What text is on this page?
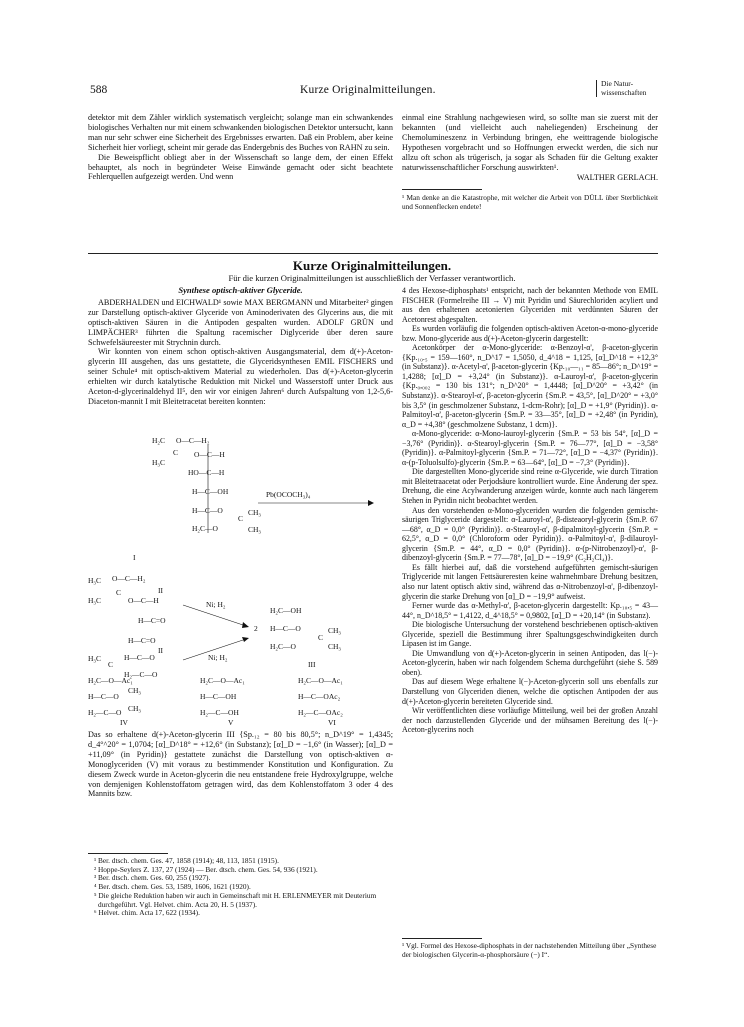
588	Kurze Originalmitteilungen.
Die Natur-
wissenschaften

detektor mit dem Zähler wirklich systematisch vergleicht; solange man ein schwankendes biologisches Verhalten nur mit einem schwankenden biologischen Detektor untersucht, kann man nur sehr schwer eine Sicherheit des Ergebnisses erwarten. Daß ein Problem, aber keine Sicherheit hier vorliegt, scheint mir gerade das Endergebnis des Buches von RAHN zu sein.

Die Beweispflicht obliegt aber in der Wissenschaft so lange dem, der einen Effekt behauptet, als noch in begründeter Weise Einwände gemacht oder sicht beachtete Fehlerquellen aufgezeigt werden. Und wenn

einmal eine Strahlung nachgewiesen wird, so sollte man sie zuerst mit der bekannten (und vielleicht auch naheliegenden) Erscheinung der Chemolumineszenz in Verbindung bringen, ehe weittragende biologische Hypothesen vorgebracht und so Hoffnungen erweckt werden, die sich nur allzu oft schon als trügerisch, ja sogar als Schaden für die Geltung exakter naturwissenschaftlicher Forschung auswirkten¹.

WALTHER GERLACH.
¹ Man denke an die Katastrophe, mit welcher die Arbeit von DÜLL über Sterblichkeit und Sonnenflecken endete!
Kurze Originalmitteilungen.
Für die kurzen Originalmitteilungen ist ausschließlich der Verfasser verantwortlich.
Synthese optisch-aktiver Glyceride.

ABDERHALDEN und EICHWALD¹ sowie MAX BERGMANN und Mitarbeiter² gingen zur Darstellung optisch-aktiver Glyceride von Aminoderivaten des Glycerins aus, die mit optisch-aktiven Säuren in die Antipoden gespalten wurden. ADOLF GRÜN und LIMPÄCHER³ führten die Spaltung racemischer Diglyceride über deren saure Schwefelsäureester mit Strychnin durch.

Wir konnten von einem schon optisch-aktiven Ausgangsmaterial, dem d(+)-Aceton-glycerin III ausgehen, das uns gestattete, die Glyceridsynthesen EMIL FISCHERS und seiner Schule⁴ mit optisch-aktivem Material zu wiederholen. Das d(+)-Aceton-glycerin erhielten wir durch katalytische Reduktion mit Nickel und Wasserstoff unter Druck aus Aceton-d-glycerinaldehyd II⁵, den wir vor einigen Jahren⁶ durch Aufspaltung von 1,2-5,6-Diaceton-mannit I mit Bleitetracetat bereiten konnten:

H₂C O—C—H₂
H₃C
C O—C—H
HO—C—H
H—C—OH
H—C—O
H₂C—O
C
CH₃
CH₃
I
Pb(OCOCH₃)₄
H₃C O—C—H₂
H₃C
C
O—C—H
H—C=O
II
H—C=O
H—C—O
C
H₃C
H₂—C—O
II
Ni; H₂
Ni; H₂
2
H₂C—OH
H—C—O
H₂C—O
C
CH₃
CH₃
III
H₂C—O—Ac₁
H—C—O
CH₃
H₂—C—O CH₃
IV
H₂C—O—Ac₁
H—C—OH
H₂—C—OH
V
H₂C—O—Ac₁
H—C—OAc₂
H₂—C—OAc₂
VI

Das so erhaltene d(+)-Aceton-glycerin III {Sp.₁₂ = 80 bis 80,5°; n_D^19° = 1,4345; d_4°^20° = 1,0704; [α]_D^18° = +12,6° (in Substanz); [α]_D = −1,6° (in Wasser); [α]_D = +11,09° (in Pyridin)} gestattete zunächst die Darstellung von optisch-aktiven α-Monoglyceriden (V) mit voraus zu bestimmender Konstitution und Konfiguration. Zu diesem Zweck wurde in Aceton-glycerin die neu entstandene freie Hydroxylgruppe, welche von demjenigen Kohlenstoffatom getragen wird, das dem Kohlenstoffatom 3 oder 4 des Mannits bzw.

¹ Ber. dtsch. chem. Ges. 47, 1858 (1914); 48, 113, 1851 (1915).

² Hoppe-Seylers Z. 137, 27 (1924) — Ber. dtsch. chem. Ges. 54, 936 (1921).

³ Ber. dtsch. chem. Ges. 60, 255 (1927).

⁴ Ber. dtsch. chem. Ges. 53, 1589, 1606, 1621 (1920).

⁵ Die gleiche Reduktion haben wir auch in Gemeinschaft mit H. ERLENMEYER mit Deuterium durchgeführt. Vgl. Helvet. chim. Acta 20, H. 5 (1937).

⁶ Helvet. chim. Acta 17, 622 (1934).

4 des Hexose-diphosphats¹ entspricht, nach der bekannten Methode von EMIL FISCHER (Formelreihe III → V) mit Pyridin und Säurechloriden acyliert und aus den erhaltenen acetonierten Glyceriden mit verdünnten Säuren der Acetonrest abgespalten.

Es wurden vorläufig die folgenden optisch-aktiven Aceton-α-mono-glyceride bzw. Mono-glyceride aus d(+)-Aceton-glycerin dargestellt:

Acetonkörper der α-Mono-glyceride: α-Benzoyl-α', β-aceton-glycerin {Kp.₁₀.₅ = 159—160°, n_D^17 = 1,5050, d_4^18 = 1,125, [α]_D^18 = +12,3° (in Substanz)}. α-Acetyl-α', β-aceton-glycerin {Kp.₁₀—₁₁ = 85—86°; n_D^19° = 1,4288; [α]_D = +3,24° (in Substanz)}. α-Lauroyl-α', β-aceton-glycerin {Kp.₀,₀₀₂ = 130 bis 131°; n_D^20° = 1,4448; [α]_D^20° = +3,42° (in Substanz)}. α-Stearoyl-α', β-aceton-glycerin {Sm.P. = 43,5°, [α]_D^20° = +3,0° bis 3,5° (in geschmolzener Substanz, 1-dcm-Rohr); [α]_D = +1,9° (Pyridin)}. α-Palmitoyl-α', β-aceton-glycerin {Sm.P. = 33—35°, [α]_D = +2,48° (in Pyridin), α_D = +4,38° (geschmolzene Substanz, 1 dcm)}.

α-Mono-glyceride: α-Mono-lauroyl-glycerin {Sm.P. = 53 bis 54°, [α]_D = −3,76° (Pyridin)}. α-Stearoyl-glycerin {Sm.P. = 76—77°, [α]_D = −3,58° (Pyridin)}. α-Palmitoyl-glycerin {Sm.P. = 71—72°, [α]_D = −4,37° (Pyridin)}. α-(p-Toluolsulfo)-glycerin {Sm.P. = 63—64°, [α]_D = −7,3° (Pyridin)}.

Die dargestellten Mono-glyceride sind reine α-Glyceride, wie durch Titration mit Bleitetraacetat oder Perjodsäure kontrolliert wurde. Eine Änderung der spez. Drehung, die eine Acylwanderung anzeigen würde, konnte auch nach längerem Stehen in Pyridin nicht beobachtet werden.

Aus den vorstehenden α-Mono-glyceriden wurden die folgenden gemischt-säurigen Triglyceride dargestellt: α-Lauroyl-α', β-disteaoryl-glycerin {Sm.P. 67—68°, α_D = 0,0° (Pyridin)}. α-Stearoyl-α', β-dipalmitoyl-glycerin {Sm.P. = 62,5°, α_D = 0,0° (Chloroform oder Pyridin)}. α-Palmitoyl-α', β-dilauroyl-glycerin {Sm.P. = 44°, α_D = 0,0° (Pyridin)}. α-(p-Nitrobenzoyl)-α', β-dibenzoyl-glycerin {Sm.P. = 77—78°, [α]_D = −19,9° (C₂H₂Cl₄)}.

Es fällt hierbei auf, daß die vorstehend aufgeführten gemischt-säurigen Triglyceride mit langen Fettsäureresten keine wahrnehmbare Drehung besitzen, also nur latent optisch aktiv sind, während das α-Nitrobenzoyl-α', β-dibenzoyl-glycerin die starke Drehung von [α]_D = −19,9° aufweist.

Ferner wurde das α-Methyl-α', β-aceton-glycerin dargestellt: Kp.₁₀,₅ = 43—44°, n_D^18,5° = 1,4122, d_4^18,5° = 0,9802, [α]_D = +20,14° (in Substanz).

Die biologische Untersuchung der vorstehend beschriebenen optisch-aktiven Glyceride, speziell die Bestimmung ihrer Spaltungsgeschwindigkeiten durch Lipasen ist im Gange.

Die Umwandlung von d(+)-Aceton-glycerin in seinen Antipoden, das l(−)-Aceton-glycerin, haben wir nach folgendem Schema durchgeführt (siehe S. 589 oben).

Das auf diesem Wege erhaltene l(−)-Aceton-glycerin soll uns ebenfalls zur Darstellung von Glyceriden dienen, welche die optischen Antipoden der aus d(+)-Aceton-glycerin bereiteten Glyceride sind.

Wir veröffentlichten diese vorläufige Mitteilung, weil bei der großen Anzahl der noch darzustellenden Glyceride und der mühsamen Bereitung des l(−)-Aceton-glycerins noch

¹ Vgl. Formel des Hexose-diphosphats in der nachstehenden Mitteilung über „Synthese der biologischen Glycerin-α-phosphorsäure (−) I“.
